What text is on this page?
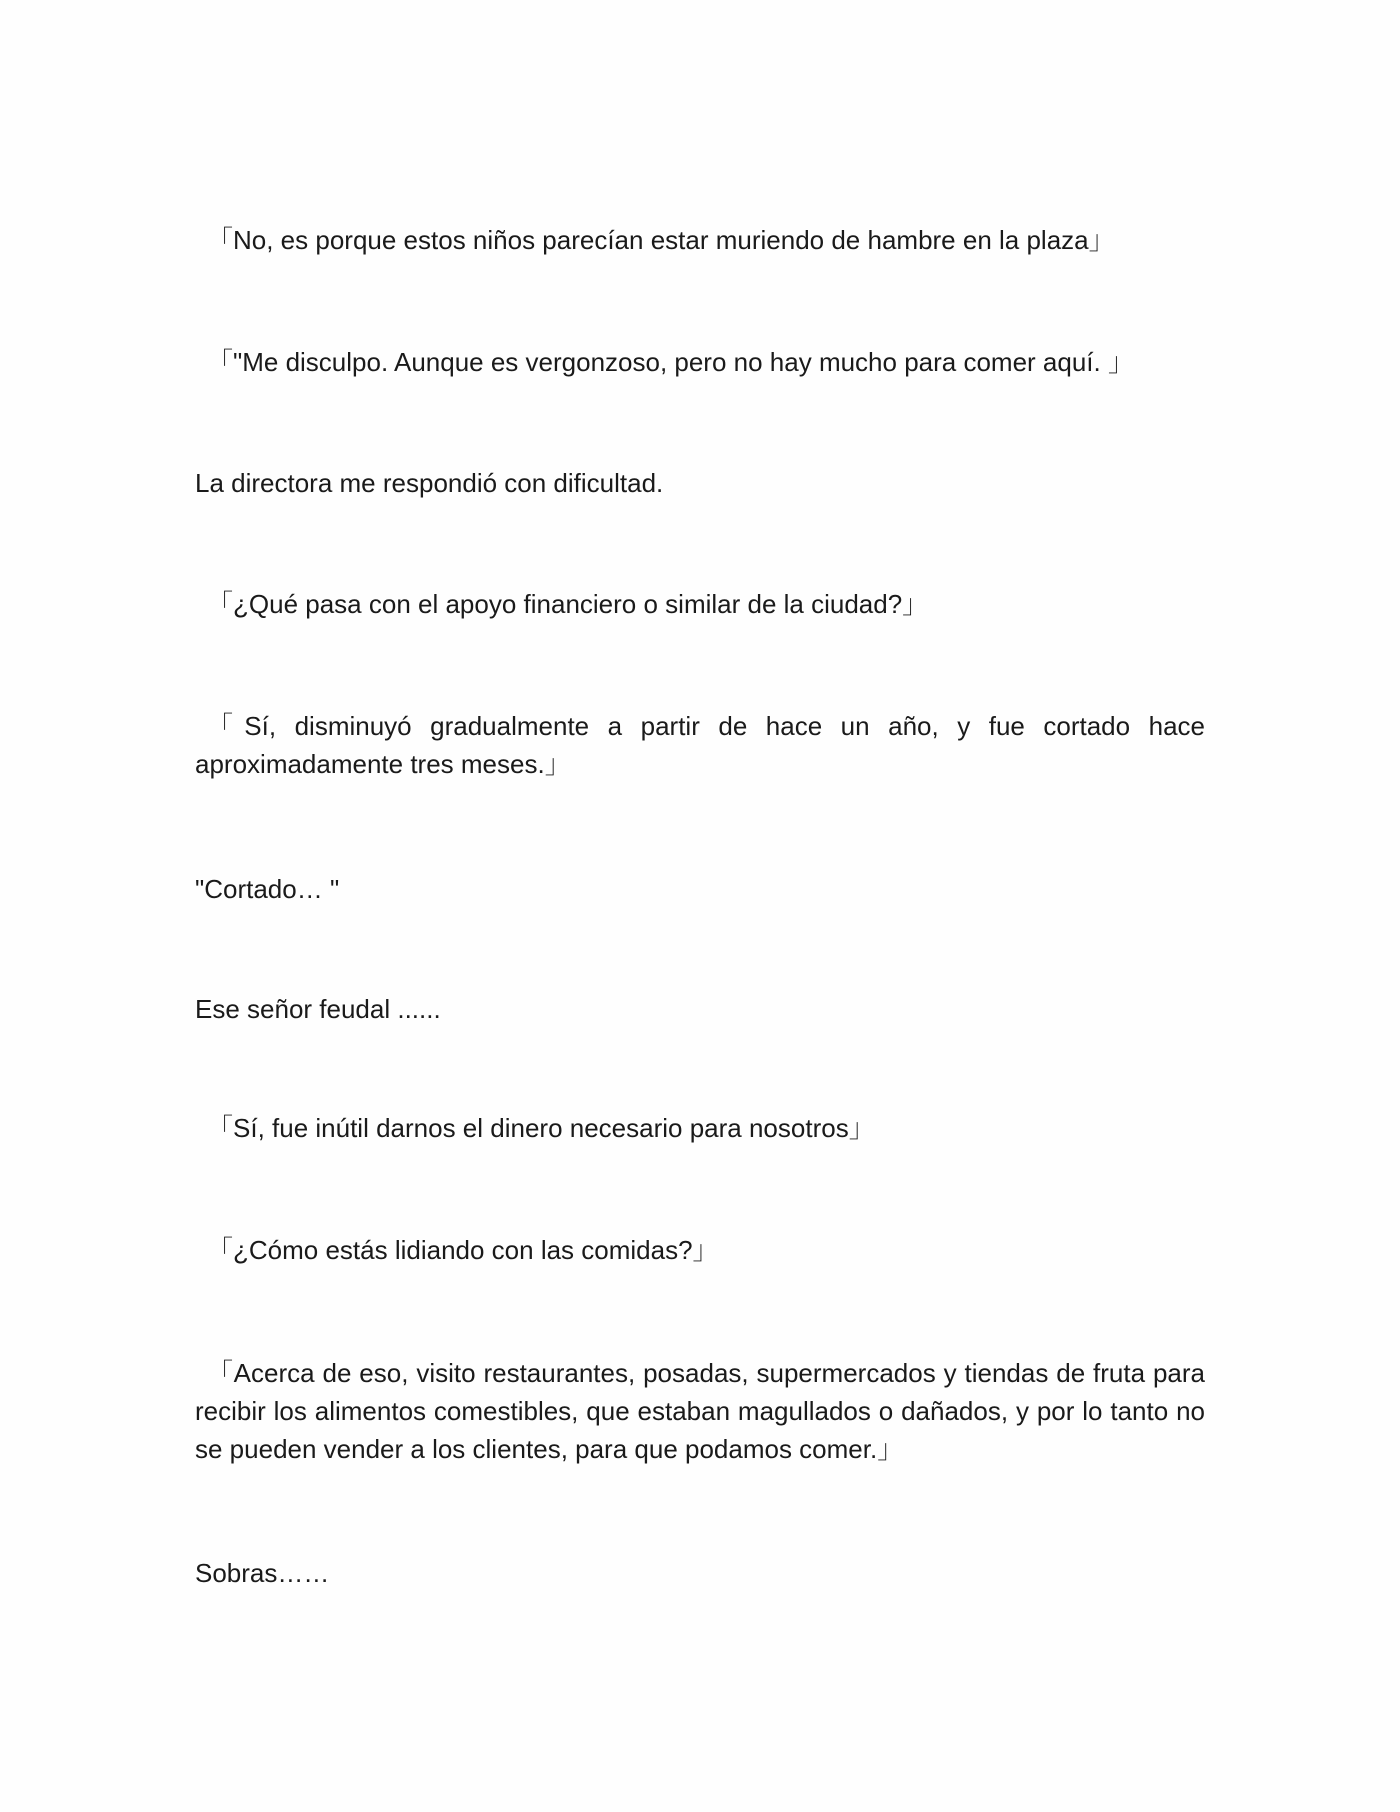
「No, es porque estos niños parecían estar muriendo de hambre en la plaza」

「"Me disculpo. Aunque es vergonzoso, pero no hay mucho para comer aquí. 」

La directora me respondió con dificultad.

「¿Qué pasa con el apoyo financiero o similar de la ciudad?」

「Sí, disminuyó gradualmente a partir de hace un año, y fue cortado hace aproximadamente tres meses.」

"Cortado… "

Ese señor feudal ......

「Sí, fue inútil darnos el dinero necesario para nosotros」

「¿Cómo estás lidiando con las comidas?」

「Acerca de eso, visito restaurantes, posadas, supermercados y tiendas de fruta para recibir los alimentos comestibles, que estaban magullados o dañados, y por lo tanto no se pueden vender a los clientes, para que podamos comer.」

Sobras……
